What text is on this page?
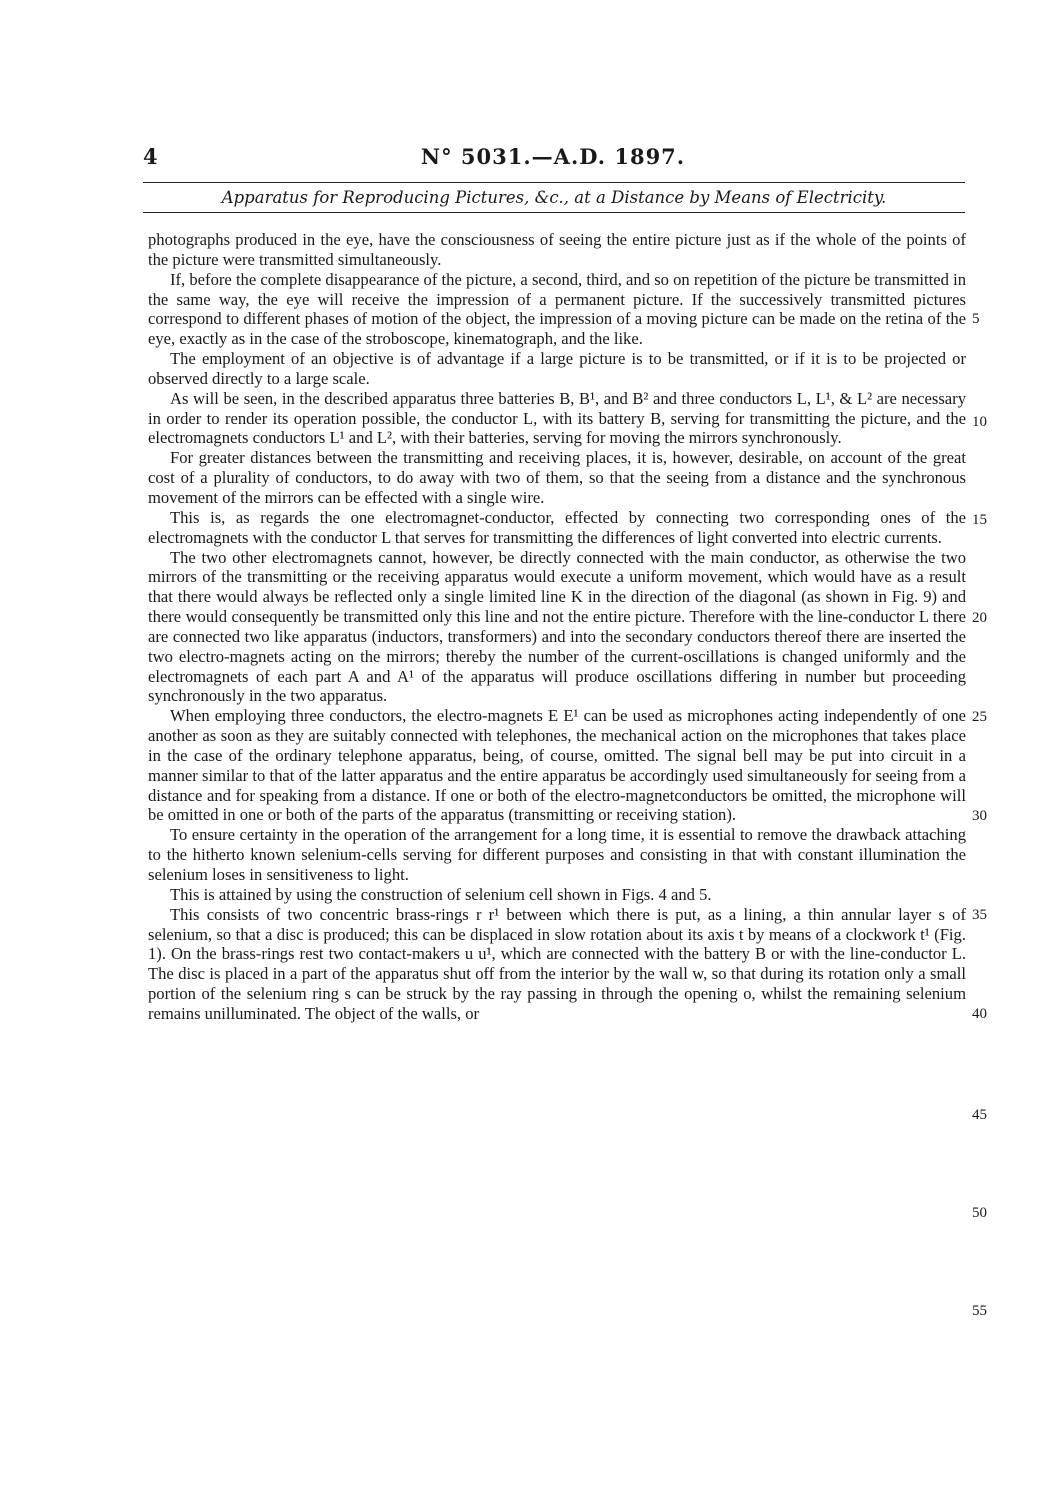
4	N° 5031.—A.D. 1897.
Apparatus for Reproducing Pictures, &c., at a Distance by Means of Electricity.

photographs produced in the eye, have the consciousness of seeing the entire picture just as if the whole of the points of the picture were transmitted simultaneously.

If, before the complete disappearance of the picture, a second, third, and so on repetition of the picture be transmitted in the same way, the eye will receive the impression of a permanent picture. If the successively transmitted pictures correspond to different phases of motion of the object, the impression of a moving picture can be made on the retina of the eye, exactly as in the case of the stroboscope, kinematograph, and the like.

The employment of an objective is of advantage if a large picture is to be transmitted, or if it is to be projected or observed directly to a large scale.

As will be seen, in the described apparatus three batteries B, B¹, and B² and three conductors L, L¹, & L² are necessary in order to render its operation possible, the conductor L, with its battery B, serving for transmitting the picture, and the electromagnets conductors L¹ and L², with their batteries, serving for moving the mirrors synchronously.

For greater distances between the transmitting and receiving places, it is, however, desirable, on account of the great cost of a plurality of conductors, to do away with two of them, so that the seeing from a distance and the synchronous movement of the mirrors can be effected with a single wire.

This is, as regards the one electromagnet-conductor, effected by connecting two corresponding ones of the electromagnets with the conductor L that serves for transmitting the differences of light converted into electric currents.

The two other electromagnets cannot, however, be directly connected with the main conductor, as otherwise the two mirrors of the transmitting or the receiving apparatus would execute a uniform movement, which would have as a result that there would always be reflected only a single limited line K in the direction of the diagonal (as shown in Fig. 9) and there would consequently be transmitted only this line and not the entire picture. Therefore with the line-conductor L there are connected two like apparatus (inductors, transformers) and into the secondary conductors thereof there are inserted the two electro-magnets acting on the mirrors; thereby the number of the current-oscillations is changed uniformly and the electromagnets of each part A and A¹ of the apparatus will produce oscillations differing in number but proceeding synchronously in the two apparatus.

When employing three conductors, the electro-magnets E E¹ can be used as microphones acting independently of one another as soon as they are suitably connected with telephones, the mechanical action on the microphones that takes place in the case of the ordinary telephone apparatus, being, of course, omitted. The signal bell may be put into circuit in a manner similar to that of the latter apparatus and the entire apparatus be accordingly used simultaneously for seeing from a distance and for speaking from a distance. If one or both of the electro-magnetconductors be omitted, the microphone will be omitted in one or both of the parts of the apparatus (transmitting or receiving station).

To ensure certainty in the operation of the arrangement for a long time, it is essential to remove the drawback attaching to the hitherto known selenium-cells serving for different purposes and consisting in that with constant illumination the selenium loses in sensitiveness to light.

This is attained by using the construction of selenium cell shown in Figs. 4 and 5.

This consists of two concentric brass-rings r r¹ between which there is put, as a lining, a thin annular layer s of selenium, so that a disc is produced; this can be displaced in slow rotation about its axis t by means of a clockwork t¹ (Fig. 1). On the brass-rings rest two contact-makers u u¹, which are connected with the battery B or with the line-conductor L. The disc is placed in a part of the apparatus shut off from the interior by the wall w, so that during its rotation only a small portion of the selenium ring s can be struck by the ray passing in through the opening o, whilst the remaining selenium remains unilluminated. The object of the walls, or

5
10
15
20
25
30
35
40
45
50
55
